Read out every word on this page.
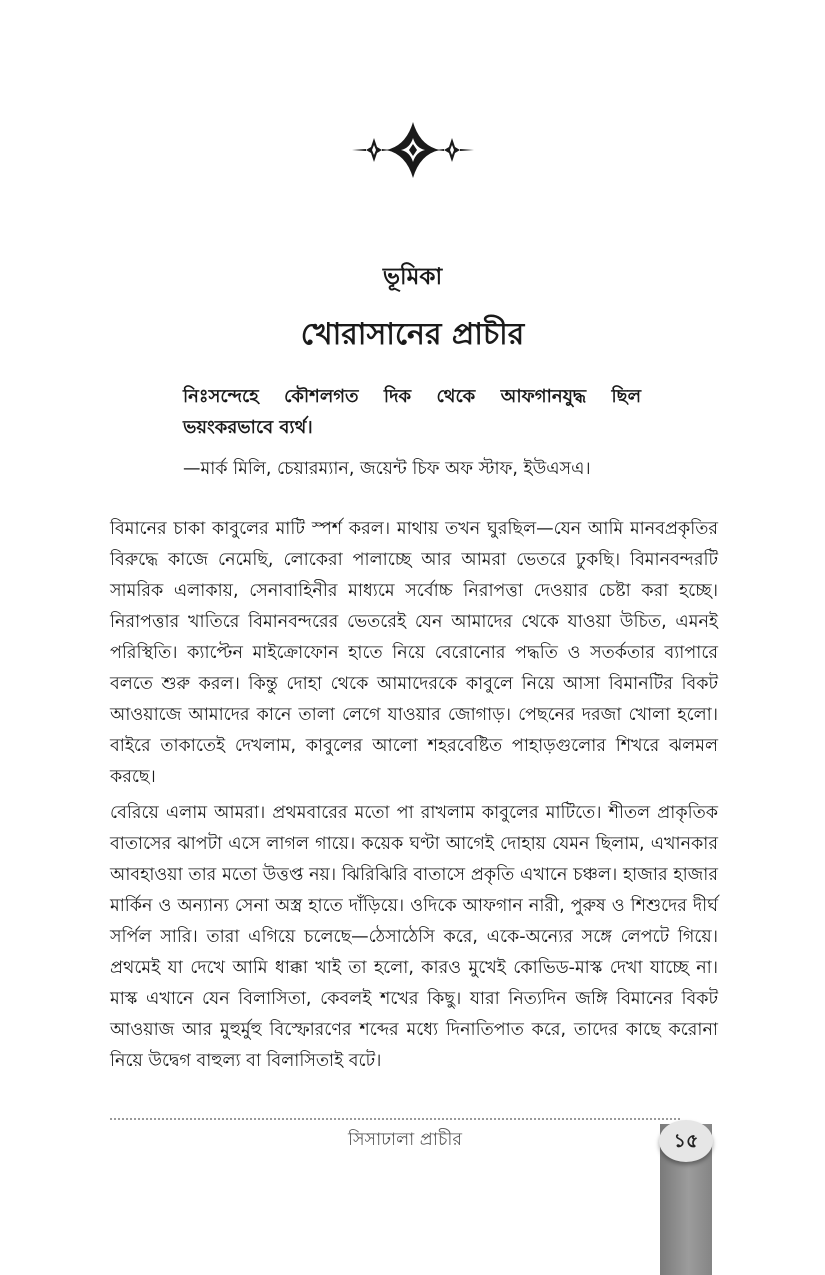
ভূমিকা
খোরাসানের প্রাচীর
নিঃসন্দেহে কৌশলগত দিক থেকে আফগানযুদ্ধ ছিল ভয়ংকরভাবে ব্যর্থ।
—মার্ক মিলি, চেয়ারম্যান, জয়েন্ট চিফ অফ স্টাফ, ইউএসএ।

বিমানের চাকা কাবুলের মাটি স্পর্শ করল। মাথায় তখন ঘুরছিল—যেন আমি মানবপ্রকৃতির বিরুদ্ধে কাজে নেমেছি, লোকেরা পালাচ্ছে আর আমরা ভেতরে ঢুকছি। বিমানবন্দরটি সামরিক এলাকায়, সেনাবাহিনীর মাধ্যমে সর্বোচ্চ নিরাপত্তা দেওয়ার চেষ্টা করা হচ্ছে। নিরাপত্তার খাতিরে বিমানবন্দরের ভেতরেই যেন আমাদের থেকে যাওয়া উচিত, এমনই পরিস্থিতি। ক্যাপ্টেন মাইক্রোফোন হাতে নিয়ে বেরোনোর পদ্ধতি ও সতর্কতার ব্যাপারে বলতে শুরু করল। কিন্তু দোহা থেকে আমাদেরকে কাবুলে নিয়ে আসা বিমানটির বিকট আওয়াজে আমাদের কানে তালা লেগে যাওয়ার জোগাড়। পেছনের দরজা খোলা হলো। বাইরে তাকাতেই দেখলাম, কাবুলের আলো শহরবেষ্টিত পাহাড়গুলোর শিখরে ঝলমল করছে।

বেরিয়ে এলাম আমরা। প্রথমবারের মতো পা রাখলাম কাবুলের মাটিতে। শীতল প্রাকৃতিক বাতাসের ঝাপটা এসে লাগল গায়ে। কয়েক ঘণ্টা আগেই দোহায় যেমন ছিলাম, এখানকার আবহাওয়া তার মতো উত্তপ্ত নয়। ঝিরিঝিরি বাতাসে প্রকৃতি এখানে চঞ্চল। হাজার হাজার মার্কিন ও অন্যান্য সেনা অস্ত্র হাতে দাঁড়িয়ে। ওদিকে আফগান নারী, পুরুষ ও শিশুদের দীর্ঘ সর্পিল সারি। তারা এগিয়ে চলেছে—ঠেসাঠেসি করে, একে-অন্যের সঙ্গে লেপটে গিয়ে। প্রথমেই যা দেখে আমি ধাক্কা খাই তা হলো, কারও মুখেই কোভিড-মাস্ক দেখা যাচ্ছে না। মাস্ক এখানে যেন বিলাসিতা, কেবলই শখের কিছু। যারা নিত্যদিন জঙ্গি বিমানের বিকট আওয়াজ আর মুহুর্মুহু বিস্ফোরণের শব্দের মধ্যে দিনাতিপাত করে, তাদের কাছে করোনা নিয়ে উদ্বেগ বাহুল্য বা বিলাসিতাই বটে।

সিসাঢালা প্রাচীর	১৫
